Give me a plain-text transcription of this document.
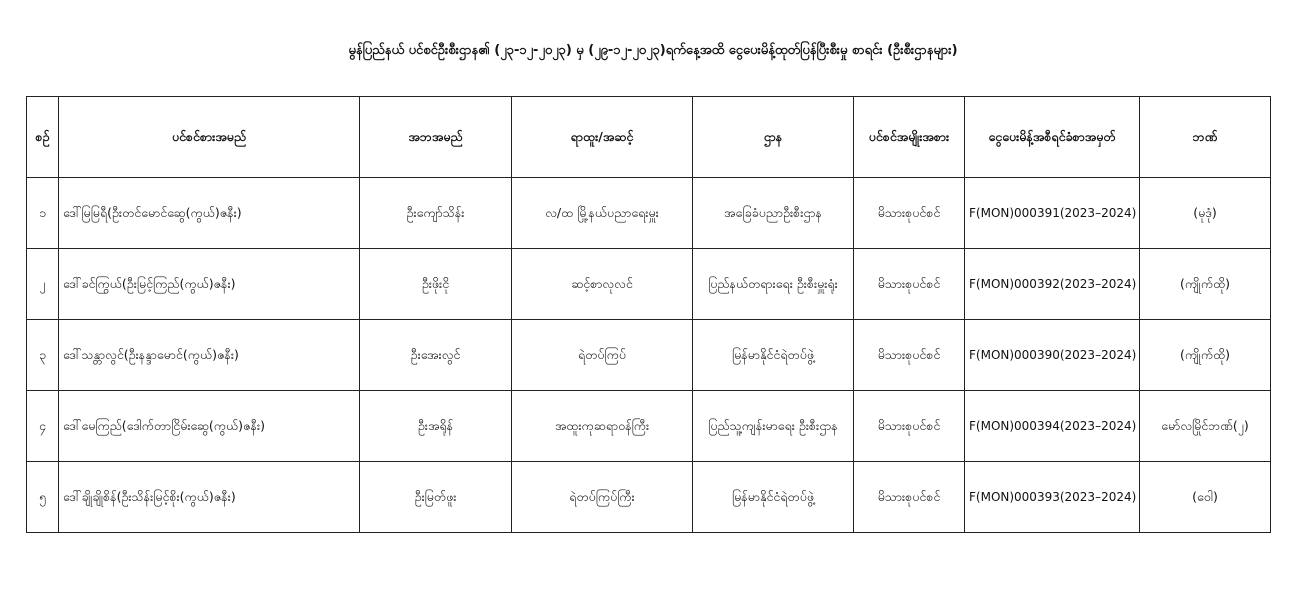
မွန်ပြည်နယ် ပင်စင်ဦးစီးဌာန၏ (၂၃-၁၂-၂၀၂၃) မှ (၂၉-၁၂-၂၀၂၃)ရက်နေ့အထိ ငွေပေးမိန့်ထုတ်ပြန်ပြီးစီးမှု စာရင်း (ဦးစီးဌာနများ)
စဉ်	ပင်စင်စားအမည်	အဘအမည်	ရာထူး/အဆင့်	ဌာန	ပင်စင်အမျိုးအစား	ငွေပေးမိန့်အစီရင်ခံစာအမှတ်	ဘဏ်
၁	ဒေါ်မြမြရီ(ဦးတင်မောင်ဆွေ(ကွယ်)ဇနီး)	ဦးကျော်သိန်း	လ/ထ မြို့နယ်ပညာရေးမှူး	အခြေခံပညာဦးစီးဌာန	မိသားစုပင်စင်	F(MON)000391(2023–2024)	(မုဒုံ)
၂	ဒေါ်ခင်ကြွယ်(ဦးမြင့်ကြည်(ကွယ်)ဇနီး)	ဦးဖိုးငို	ဆင့်စာလုလင်	ပြည်နယ်တရားရေး ဦးစီးမှူးရုံး	မိသားစုပင်စင်	F(MON)000392(2023–2024)	(ကျိုက်ထို)
၃	ဒေါ်သန္တာလွင်(ဦးနန္ဒာမောင်(ကွယ်)ဇနီး)	ဦးအေးလွင်	ရဲတပ်ကြပ်	မြန်မာနိုင်ငံရဲတပ်ဖွဲ့	မိသားစုပင်စင်	F(MON)000390(2023–2024)	(ကျိုက်ထို)
၄	ဒေါ်မေကြည်(ဒေါက်တာငြိမ်းဆွေ(ကွယ်)ဇနီး)	ဦးအရိုန်	အထူးကုဆရာဝန်ကြီး	ပြည်သူ့ကျန်းမာရေး ဦးစီးဌာန	မိသားစုပင်စင်	F(MON)000394(2023–2024)	မော်လမြိုင်ဘဏ်(၂)
၅	ဒေါ်ချိုချိုစိန်(ဦးသိန်းမြင့်စိုး(ကွယ်)ဇနီး)	ဦးမြတ်ဖူး	ရဲတပ်ကြပ်ကြီး	မြန်မာနိုင်ငံရဲတပ်ဖွဲ့	မိသားစုပင်စင်	F(MON)000393(2023–2024)	(ဝေါ)
